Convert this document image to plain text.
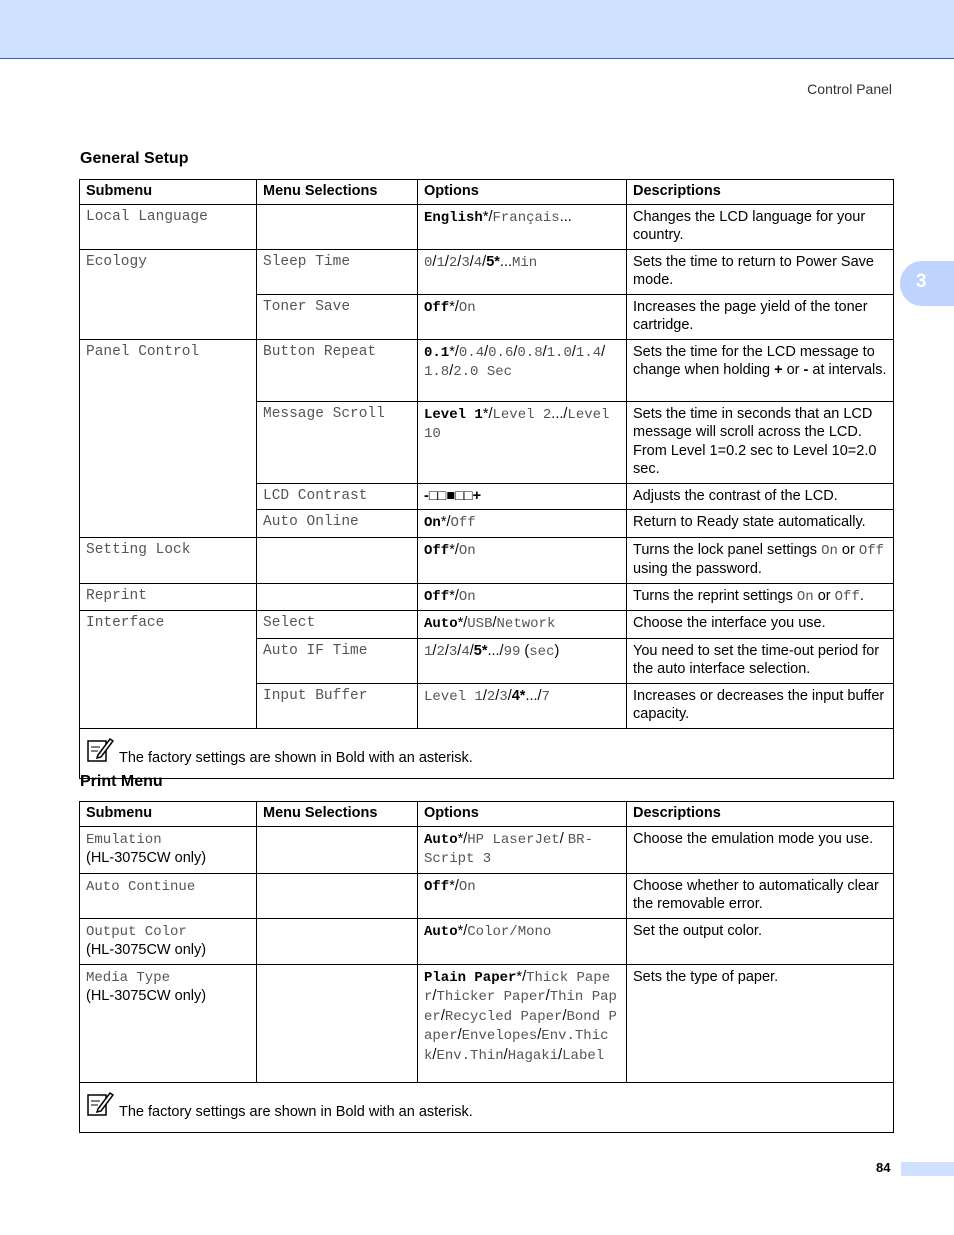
Control Panel
3
General Setup
Submenu	Menu Selections	Options	Descriptions
Local Language		English*/Français...	Changes the LCD language for your country.
Ecology	Sleep Time	0/1/2/3/4/5*...Min	Sets the time to return to Power Save mode.
	Toner Save	Off*/On	Increases the page yield of the toner cartridge.
Panel Control	Button Repeat	0.1*/0.4/0.6/0.8/1.0/1.4/1.8/2.0 Sec	Sets the time for the LCD message to change when holding + or - at intervals.
	Message Scroll	Level 1*/Level 2.../Level 10	Sets the time in seconds that an LCD message will scroll across the LCD. From Level 1=0.2 sec to Level 10=2.0 sec.
	LCD Contrast	-□□■□□+	Adjusts the contrast of the LCD.
	Auto Online	On*/Off	Return to Ready state automatically.
Setting Lock		Off*/On	Turns the lock panel settings On or Off using the password.
Reprint		Off*/On	Turns the reprint settings On or Off.
Interface	Select	Auto*/USB/Network	Choose the interface you use.
	Auto IF Time	1/2/3/4/5*.../99 (sec)	You need to set the time-out period for the auto interface selection.
	Input Buffer	Level 1/2/3/4*.../7	Increases or decreases the input buffer capacity.

The factory settings are shown in Bold with an asterisk.			
Print Menu
Submenu	Menu Selections	Options	Descriptions
Emulation
(HL-3075CW only)		Auto*/HP LaserJet/ BR-Script 3	Choose the emulation mode you use.
Auto Continue		Off*/On	Choose whether to automatically clear the removable error.
Output Color
(HL-3075CW only)		Auto*/Color/Mono	Set the output color.
Media Type
(HL-3075CW only)		Plain Paper*/Thick Paper/Thicker Paper/Thin Paper/Recycled Paper/Bond Paper/Envelopes/Env.Thick/Env.Thin/Hagaki/Label	Sets the type of paper.

The factory settings are shown in Bold with an asterisk.			
84
